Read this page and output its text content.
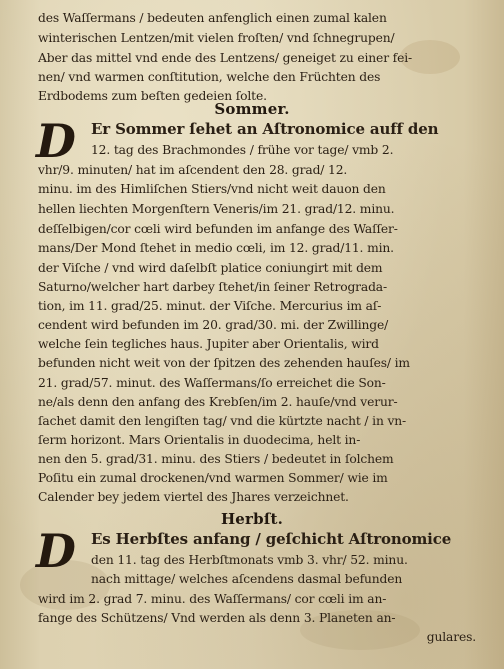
des Waſſermans / bedeuten anfenglich einen zumal kalen
winterischen Lentzen/mit vielen froſten/ vnd ſchnegrupen/
Aber das mittel vnd ende des Lentzens/ geneiget zu einer fei-
nen/ vnd warmen conſtitution, welche den Früchten des
Erdbodems zum beſten gedeien ſolte.
Sommer.
D Er Sommer ſehet an Aſtronomice auff den
12. tag des Brachmondes / frühe vor tage/ vmb 2.
vhr/9. minuten/ hat im aſcendent den 28. grad/ 12.
minu. im des Himliſchen Stiers/vnd nicht weit dauon den
hellen liechten Morgenſtern Veneris/im 21. grad/12. minu.
deſſelbigen/cor cœli wird befunden im anfange des Waſſer-
mans/Der Mond ſtehet in medio cœli, im 12. grad/11. min.
der Viſche / vnd wird daſelbſt platice coniungirt mit dem
Saturno/welcher hart darbey ſtehet/in ſeiner Retrograda-
tion, im 11. grad/25. minut. der Viſche. Mercurius im aſ-
cendent wird befunden im 20. grad/30. mi. der Zwillinge/
welche ſein tegliches haus. Jupiter aber Orientalis, wird
befunden nicht weit von der ſpitzen des zehenden hauſes/ im
21. grad/57. minut. des Waſſermans/ſo erreichet die Son-
ne/als denn den anfang des Krebſen/im 2. hauſe/vnd verur-
ſachet damit den lengiſten tag/ vnd die kürtzte nacht / in vn-
ſerm horizont. Mars Orientalis in duodecima, helt in-
nen den 5. grad/31. minu. des Stiers / bedeutet in ſolchem
Poſitu ein zumal drockenen/vnd warmen Sommer/ wie im
Calender bey jedem viertel des Jhares verzeichnet.
Herbſt.
D Es Herbſtes anfang / geſchicht Aſtronomice
den 11. tag des Herbſtmonats vmb 3. vhr/ 52. minu.
nach mittage/ welches aſcendens dasmal befunden
wird im 2. grad 7. minu. des Waſſermans/ cor cœli im an-
fange des Schützens/ Vnd werden als denn 3. Planeten an-
gulares.
